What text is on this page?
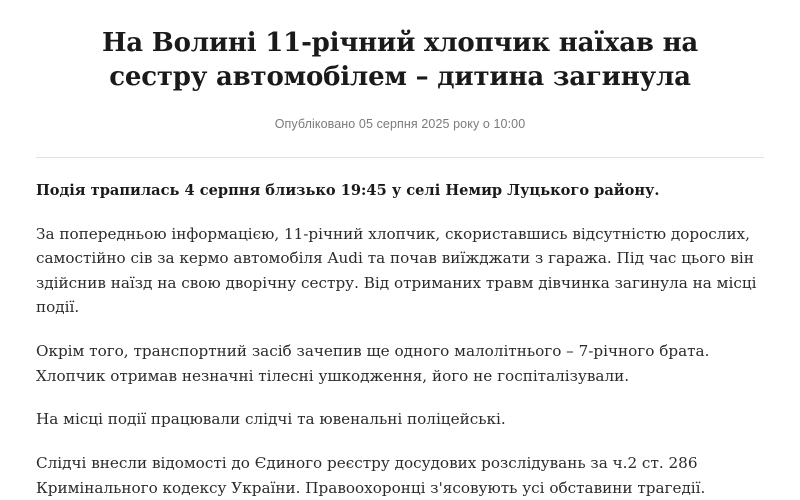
На Волині 11-річний хлопчик наїхав на сестру автомобілем – дитина загинула
Опубліковано 05 серпня 2025 року о 10:00

Подія трапилась 4 серпня близько 19:45 у селі Немир Луцького району.

За попередньою інформацією, 11-річний хлопчик, скориставшись відсутністю дорослих, самостійно сів за кермо автомобіля Audi та почав виїжджати з гаража. Під час цього він здійснив наїзд на свою дворічну сестру. Від отриманих травм дівчинка загинула на місці події.

Окрім того, транспортний засіб зачепив ще одного малолітнього – 7-річного брата. Хлопчик отримав незначні тілесні ушкодження, його не госпіталізували.

На місці події працювали слідчі та ювенальні поліцейські.

Слідчі внесли відомості до Єдиного реєстру досудових розслідувань за ч.2 ст. 286 Кримінального кодексу України. Правоохоронці з'ясовують усі обставини трагедії.
